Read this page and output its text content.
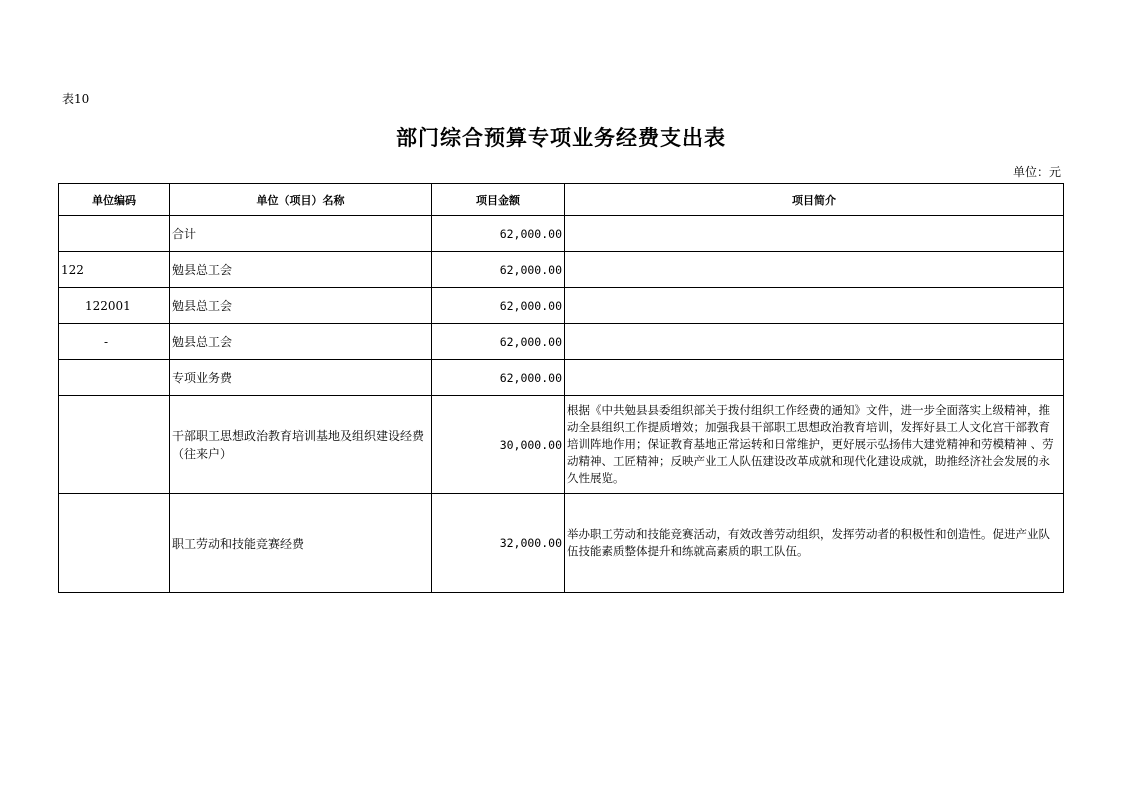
表10
部门综合预算专项业务经费支出表
单位：元
单位编码	单位（项目）名称	项目金额	项目简介
	合计	62,000.00	
122	勉县总工会	62,000.00	
122001	勉县总工会	62,000.00	
-	勉县总工会	62,000.00	
	专项业务费	62,000.00	
	干部职工思想政治教育培训基地及组织建设经费（往来户）	30,000.00	根据《中共勉县县委组织部关于拨付组织工作经费的通知》文件，进一步全面落实上级精神，推动全县组织工作提质增效；加强我县干部职工思想政治教育培训，发挥好县工人文化宫干部教育培训阵地作用；保证教育基地正常运转和日常维护，更好展示弘扬伟大建党精神和劳模精神 、劳动精神、工匠精神；反映产业工人队伍建设改革成就和现代化建设成就，助推经济社会发展的永久性展览。
	职工劳动和技能竞赛经费	32,000.00	举办职工劳动和技能竞赛活动，有效改善劳动组织，发挥劳动者的积极性和创造性。促进产业队伍技能素质整体提升和练就高素质的职工队伍。
